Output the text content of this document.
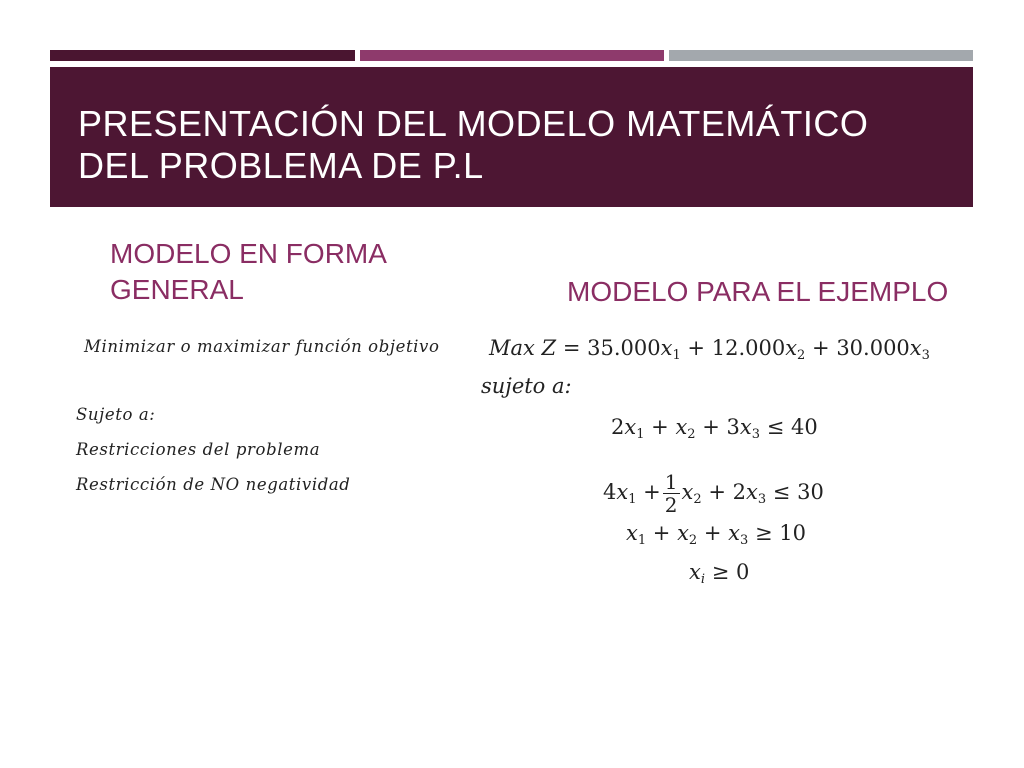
PRESENTACIÓN DEL MODELO MATEMÁTICO
DEL PROBLEMA DE P.L
MODELO EN FORMA
GENERAL	MODELO PARA EL EJEMPLO
Minimizar o maximizar función objetivo
Sujeto a:
Restricciones del problema
Restricción de NO negatividad
Max $Z = 35.000x_1 + 12.000x_2 + 30.000x_3$
sujeto a:
$2x_1 + x_2 + 3x_3 \le 40$
$4x_1 + \frac{1}{2} x_2 + 2x_3 \le 30$
$x_1 + x_2 + x_3 \ge 10$
$x_i \ge 0$
